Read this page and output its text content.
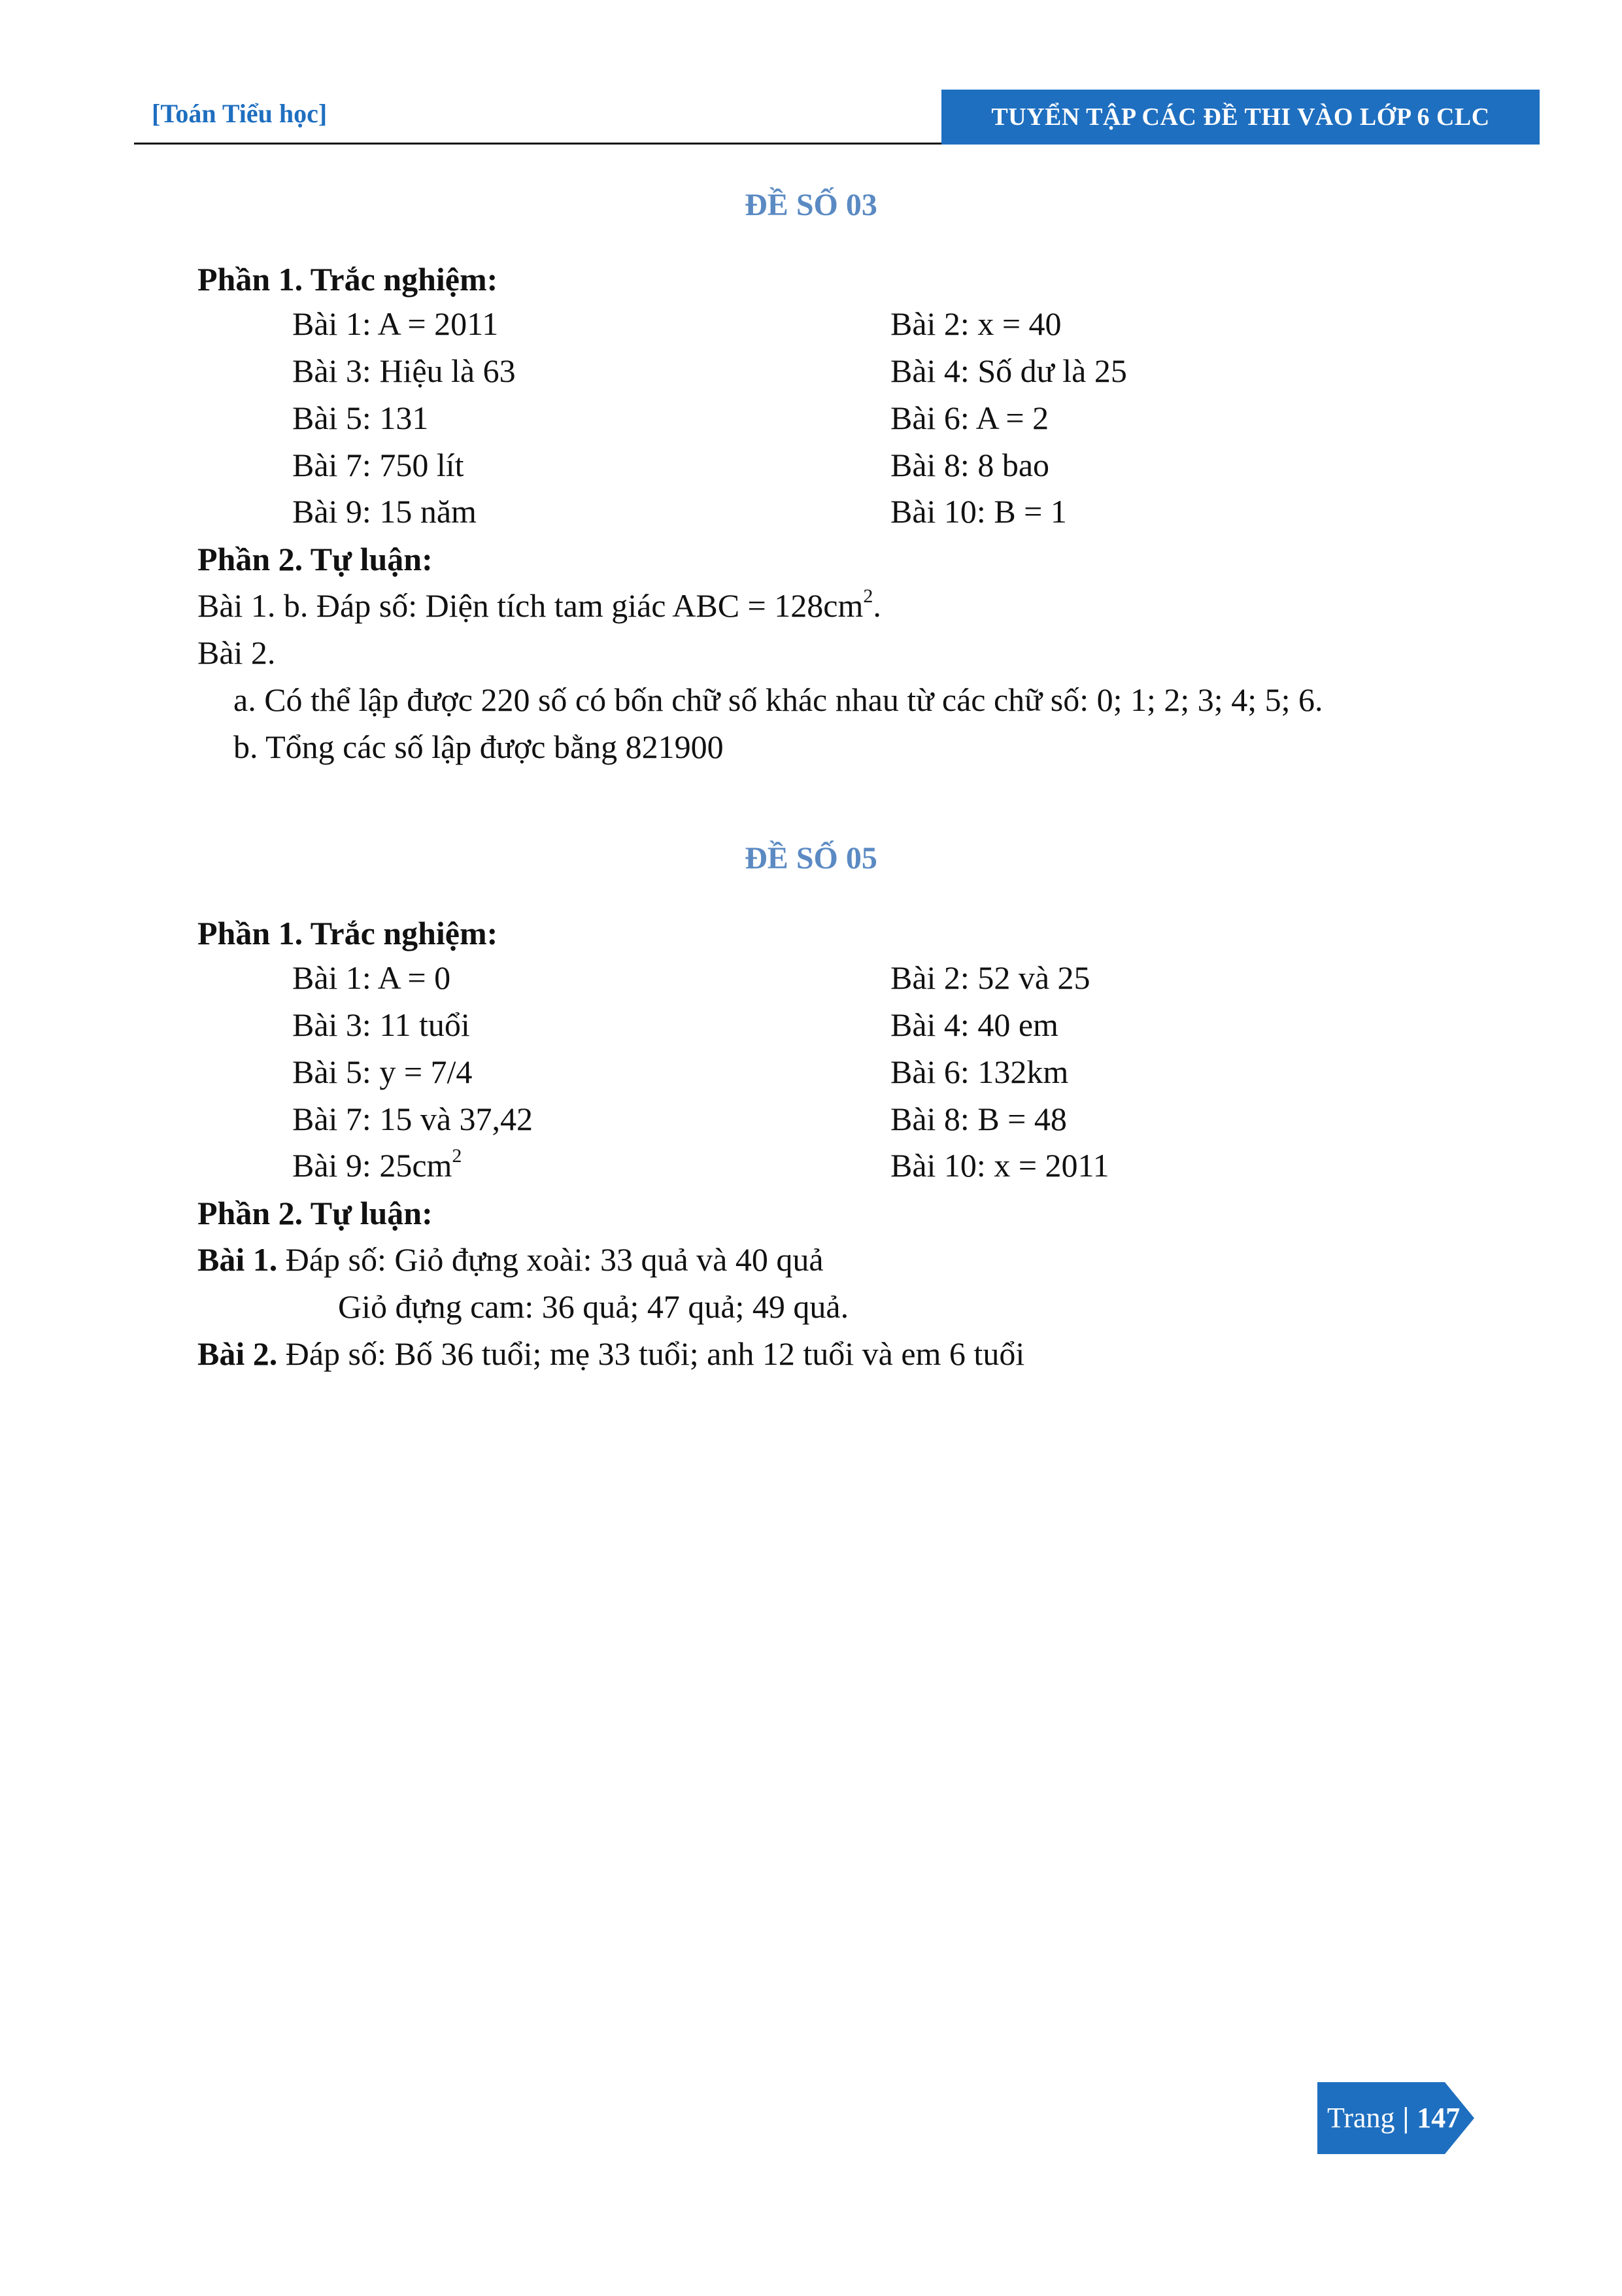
[Toán Tiểu học]	TUYỂN TẬP CÁC ĐỀ THI VÀO LỚP 6 CLC
ĐỀ SỐ 03
Phần 1. Trắc nghiệm:
Bài 1: A = 2011	Bài 2: x = 40
Bài 3: Hiệu là 63	Bài 4: Số dư là 25
Bài 5: 131	Bài 6: A = 2
Bài 7: 750 lít	Bài 8: 8 bao
Bài 9: 15 năm	Bài 10: B = 1
Phần 2. Tự luận:
Bài 1. b. Đáp số: Diện tích tam giác ABC = $128cm^2$.
Bài 2.
a. Có thể lập được 220 số có bốn chữ số khác nhau từ các chữ số: 0; 1; 2; 3; 4; 5; 6.
b. Tổng các số lập được bằng 821900
ĐỀ SỐ 05
Phần 1. Trắc nghiệm:
Bài 1: A = 0	Bài 2: 52 và 25
Bài 3: 11 tuổi	Bài 4: 40 em
Bài 5: y = 7/4	Bài 6: 132km
Bài 7: 15 và 37,42	Bài 8: B = 48
Bài 9: $25cm^2$	Bài 10: x = 2011
Phần 2. Tự luận:
Bài 1. Đáp số: Giỏ đựng xoài: 33 quả và 40 quả
Giỏ đựng cam: 36 quả; 47 quả; 49 quả.
Bài 2. Đáp số: Bố 36 tuổi; mẹ 33 tuổi; anh 12 tuổi và em 6 tuổi
Trang | 147
